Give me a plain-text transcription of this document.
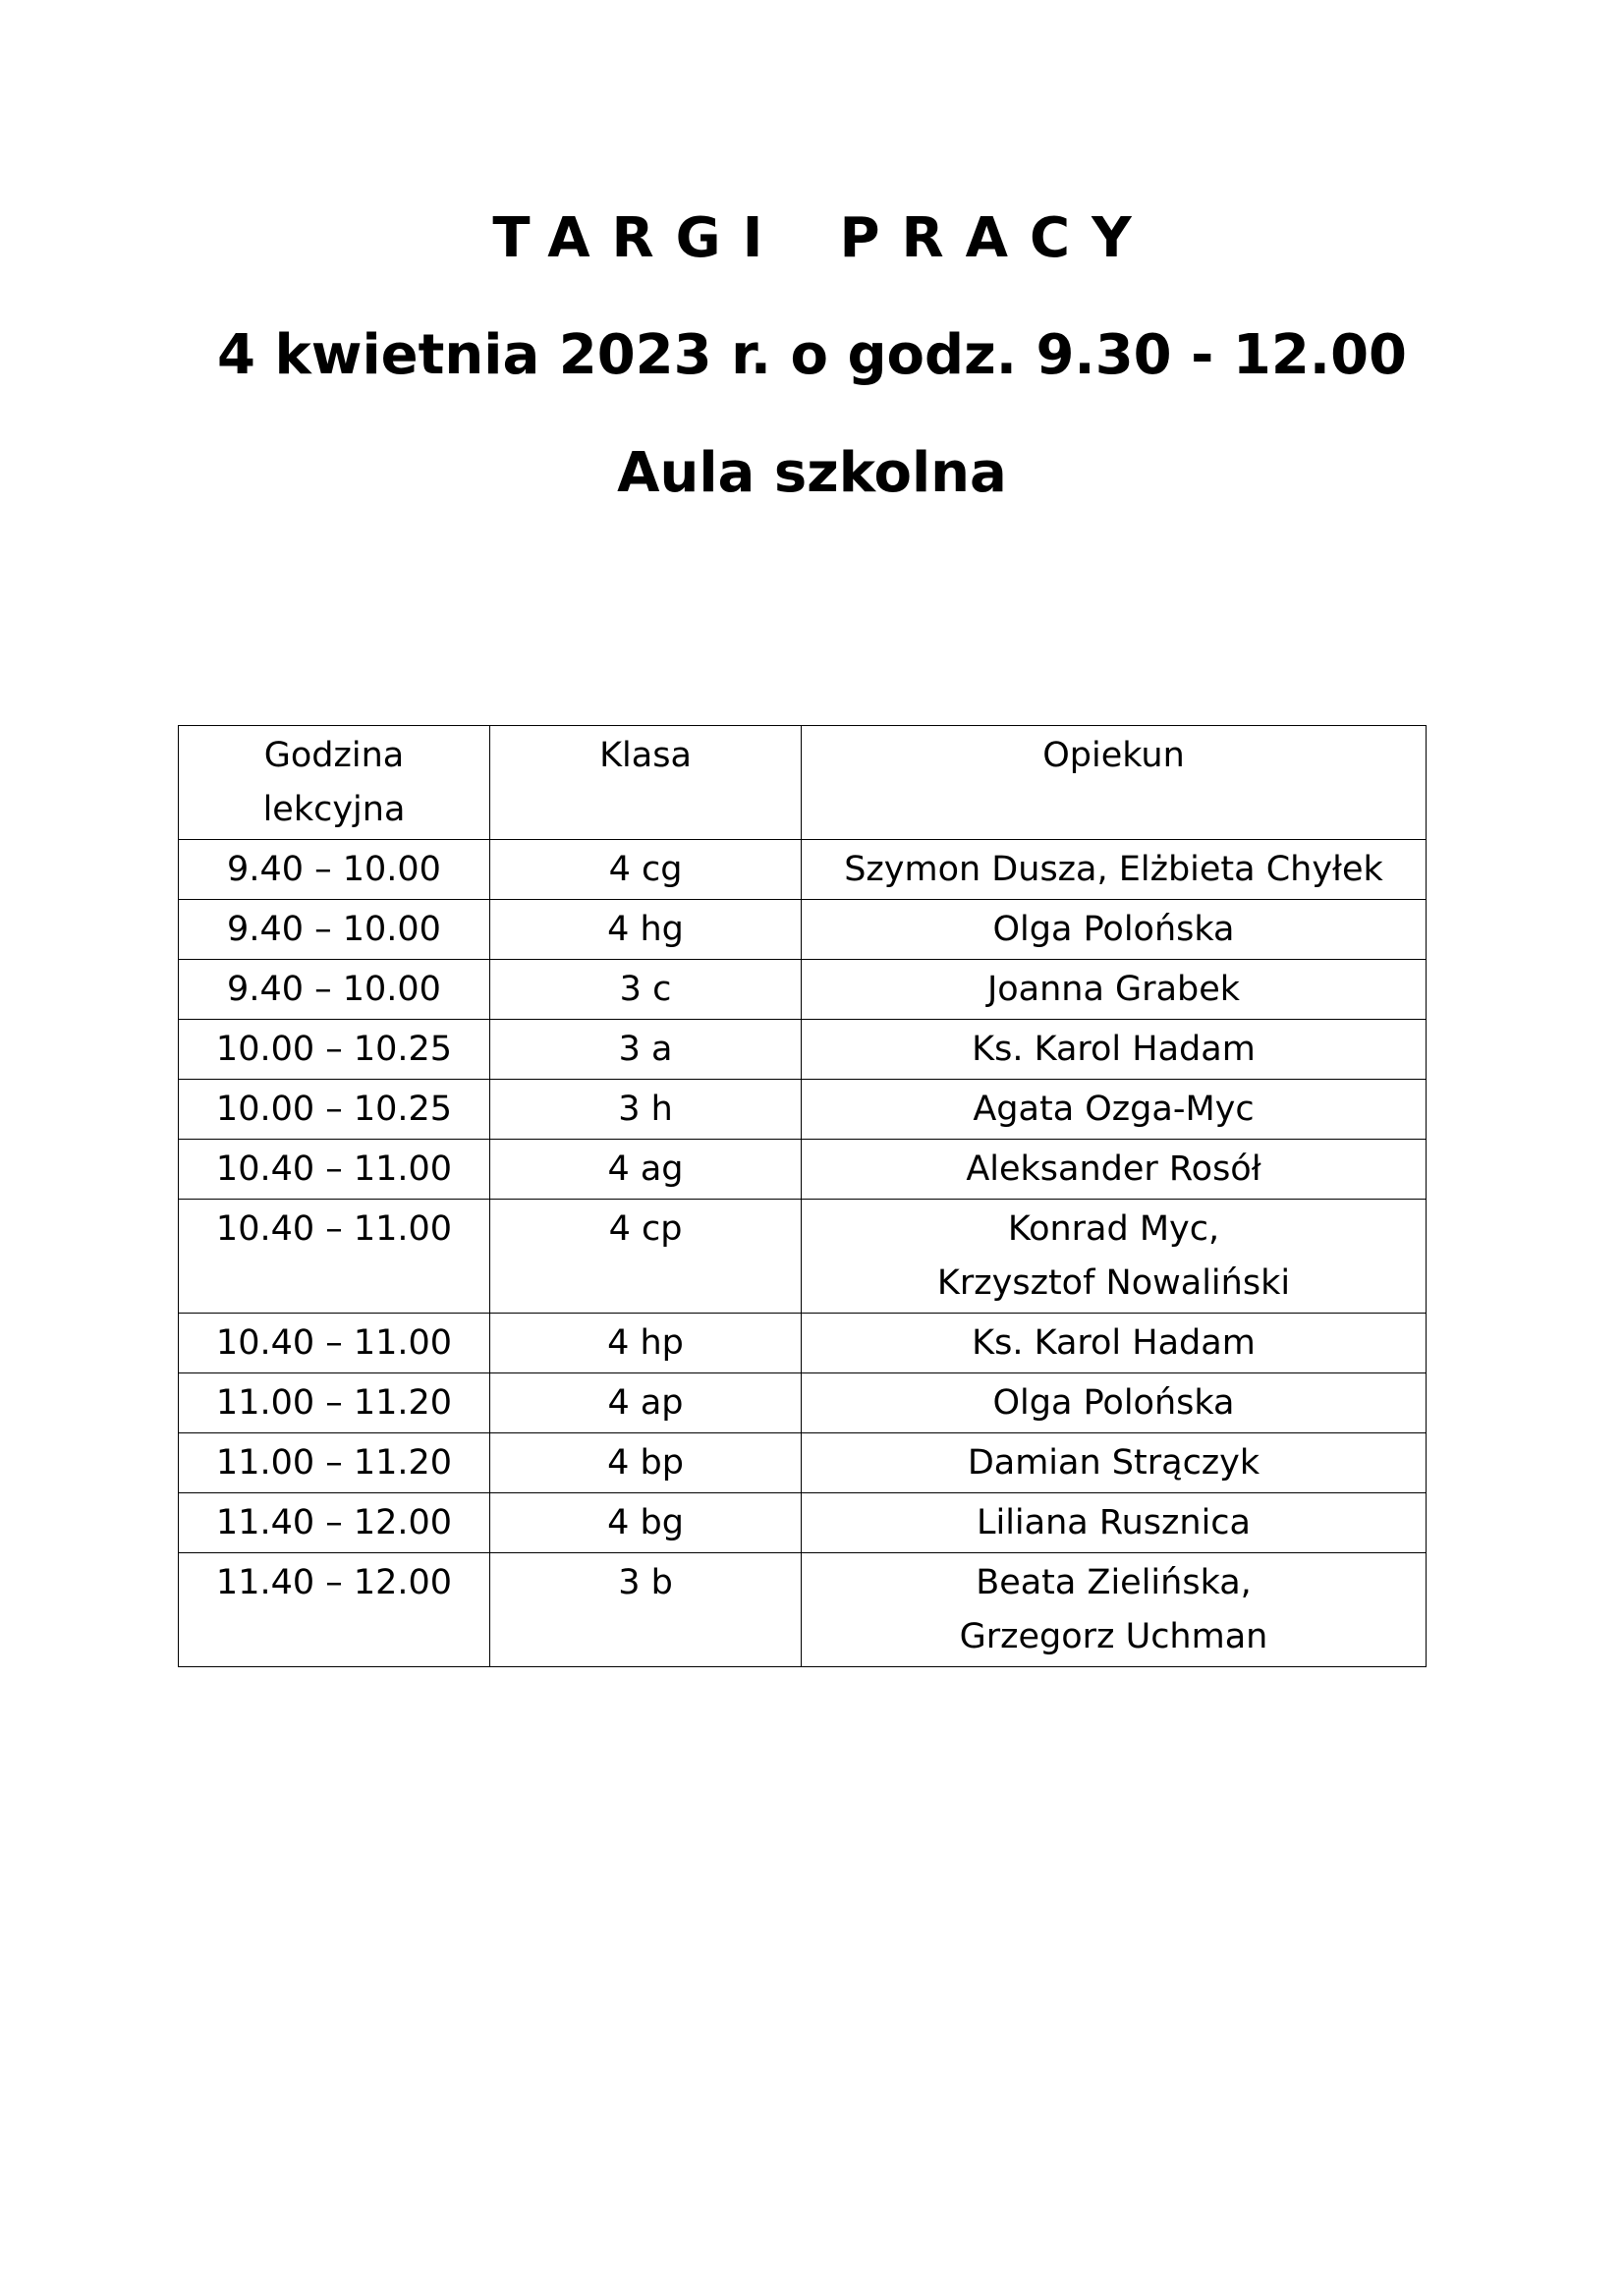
TARGI PRACY
4 kwietnia 2023 r. o godz. 9.30 - 12.00
Aula szkolna
Godzina
lekcyjna	Klasa	Opiekun

9.40 – 10.00	4 cg	Szymon Dusza, Elżbieta Chyłek

9.40 – 10.00	4 hg	Olga Polońska

9.40 – 10.00	3 c	Joanna Grabek

10.00 – 10.25	3 a	Ks. Karol Hadam

10.00 – 10.25	3 h	Agata Ozga-Myc

10.40 – 11.00	4 ag	Aleksander Rosół

10.40 – 11.00	4 cp	Konrad Myc,
Krzysztof Nowaliński

10.40 – 11.00	4 hp	Ks. Karol Hadam

11.00 – 11.20	4 ap	Olga Polońska

11.00 – 11.20	4 bp	Damian Strączyk

11.40 – 12.00	4 bg	Liliana Rusznica

11.40 – 12.00	3 b	Beata Zielińska,
Grzegorz Uchman
